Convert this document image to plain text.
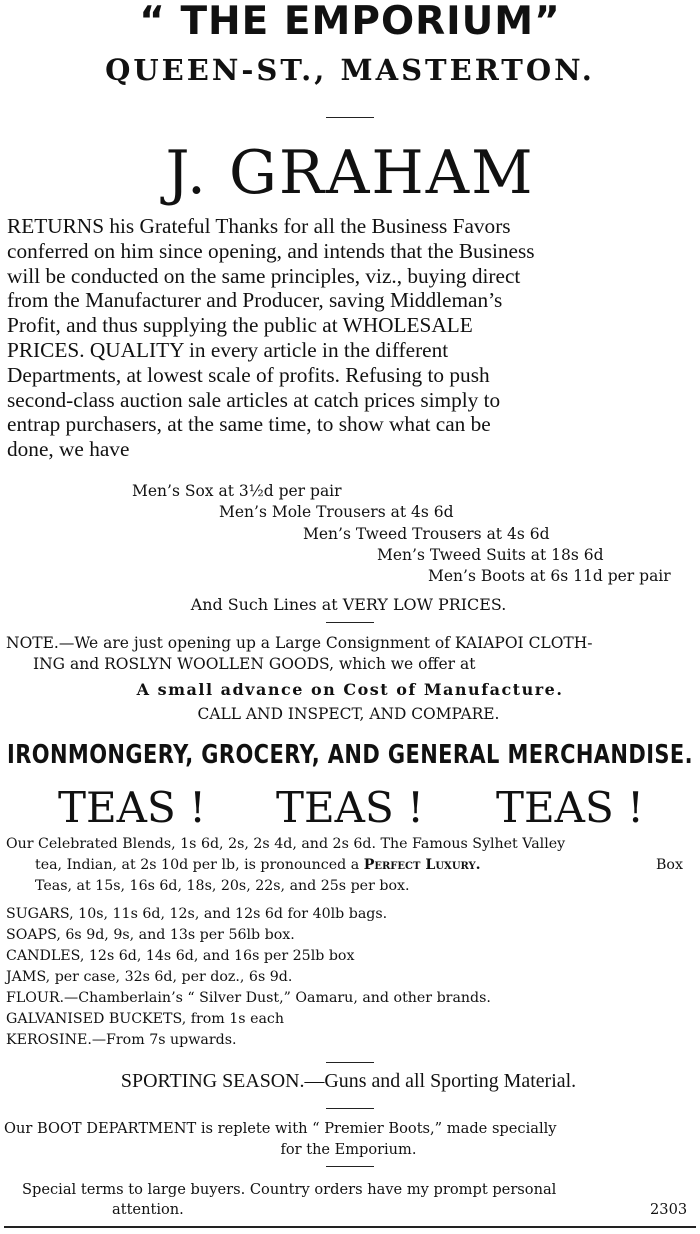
“ THE EMPORIUM”
QUEEN-ST., MASTERTON.
J. GRAHAM
RETURNS his Grateful Thanks for all the Business Favors
conferred on him since opening, and intends that the Business
will be conducted on the same principles, viz., buying direct
from the Manufacturer and Producer, saving Middleman’s
Profit, and thus supplying the public at WHOLESALE
PRICES. QUALITY in every article in the different
Departments, at lowest scale of profits. Refusing to push
second-class auction sale articles at catch prices simply to
entrap purchasers, at the same time, to show what can be
done, we have
Men’s Sox at 3½d per pair
Men’s Mole Trousers at 4s 6d
Men’s Tweed Trousers at 4s 6d
Men’s Tweed Suits at 18s 6d
Men’s Boots at 6s 11d per pair
And Such Lines at VERY LOW PRICES.
NOTE.—We are just opening up a Large Consignment of KAIAPOI CLOTH-
ING and ROSLYN WOOLLEN GOODS, which we offer at
A small advance on Cost of Manufacture.
CALL AND INSPECT, AND COMPARE.
IRONMONGERY, GROCERY, AND GENERAL MERCHANDISE.
TEAS ! TEAS ! TEAS !
Our Celebrated Blends, 1s 6d, 2s, 2s 4d, and 2s 6d. The Famous Sylhet Valley
tea, Indian, at 2s 10d per lb, is pronounced a Perfect Luxury.	Box
Teas, at 15s, 16s 6d, 18s, 20s, 22s, and 25s per box.
SUGARS, 10s, 11s 6d, 12s, and 12s 6d for 40lb bags.
SOAPS, 6s 9d, 9s, and 13s per 56lb box.
CANDLES, 12s 6d, 14s 6d, and 16s per 25lb box
JAMS, per case, 32s 6d, per doz., 6s 9d.
FLOUR.—Chamberlain’s “ Silver Dust,” Oamaru, and other brands.
GALVANISED BUCKETS, from 1s each
KEROSINE.—From 7s upwards.
SPORTING SEASON.—Guns and all Sporting Material.
Our BOOT DEPARTMENT is replete with “ Premier Boots,” made specially
for the Emporium.
Special terms to large buyers. Country orders have my prompt personal
attention.	2303
